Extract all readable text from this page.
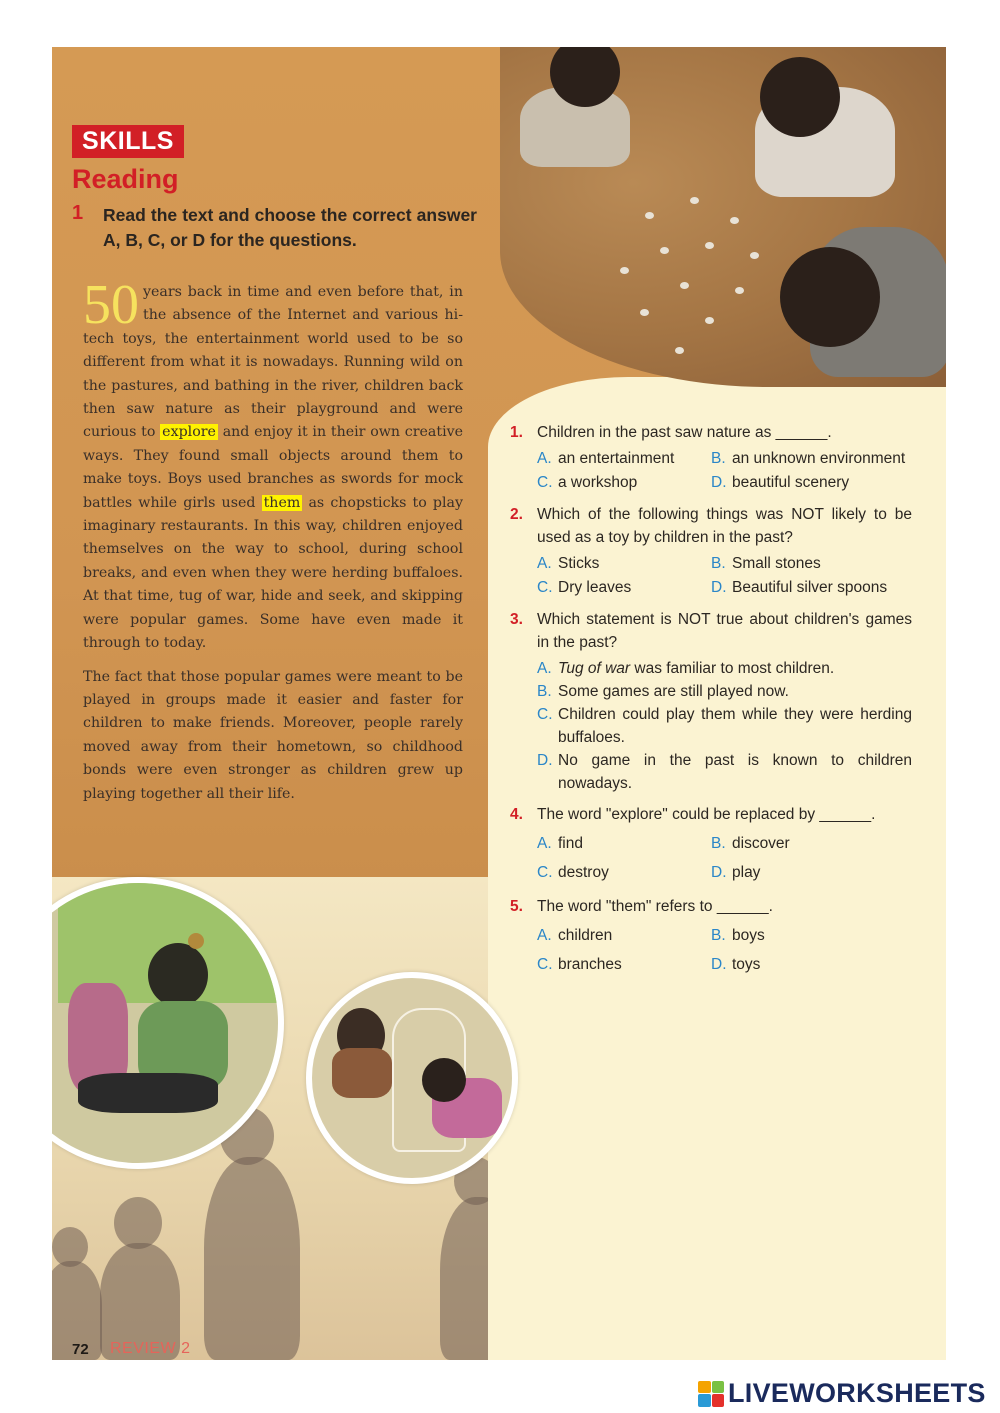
SKILLS
Reading
1 Read the text and choose the correct answer A, B, C, or D for the questions.

50 years back in time and even before that, in the absence of the Internet and various hi-tech toys, the entertainment world used to be so different from what it is nowadays. Running wild on the pastures, and bathing in the river, children back then saw nature as their playground and were curious to explore and enjoy it in their own creative ways. They found small objects around them to make toys. Boys used branches as swords for mock battles while girls used them as chopsticks to play imaginary restaurants. In this way, children enjoyed themselves on the way to school, during school breaks, and even when they were herding buffaloes. At that time, tug of war, hide and seek, and skipping were popular games. Some have even made it through to today.

The fact that those popular games were meant to be played in groups made it easier and faster for children to make friends. Moreover, people rarely moved away from their hometown, so childhood bonds were even stronger as children grew up playing together all their life.

1. Children in the past saw nature as ______.
A. an entertainment	B. an unknown environment
C. a workshop	D. beautiful scenery
2. Which of the following things was NOT likely to be used as a toy by children in the past?
A. Sticks	B. Small stones
C. Dry leaves	D. Beautiful silver spoons
3. Which statement is NOT true about children's games in the past?
A. Tug of war was familiar to most children.
B. Some games are still played now.
C. Children could play them while they were herding buffaloes.
D. No game in the past is known to children nowadays.
4. The word "explore" could be replaced by ______.
A. find	B. discover
C. destroy	D. play
5. The word "them" refers to ______.
A. children	B. boys
C. branches	D. toys
72 REVIEW 2
LIVEWORKSHEETS
